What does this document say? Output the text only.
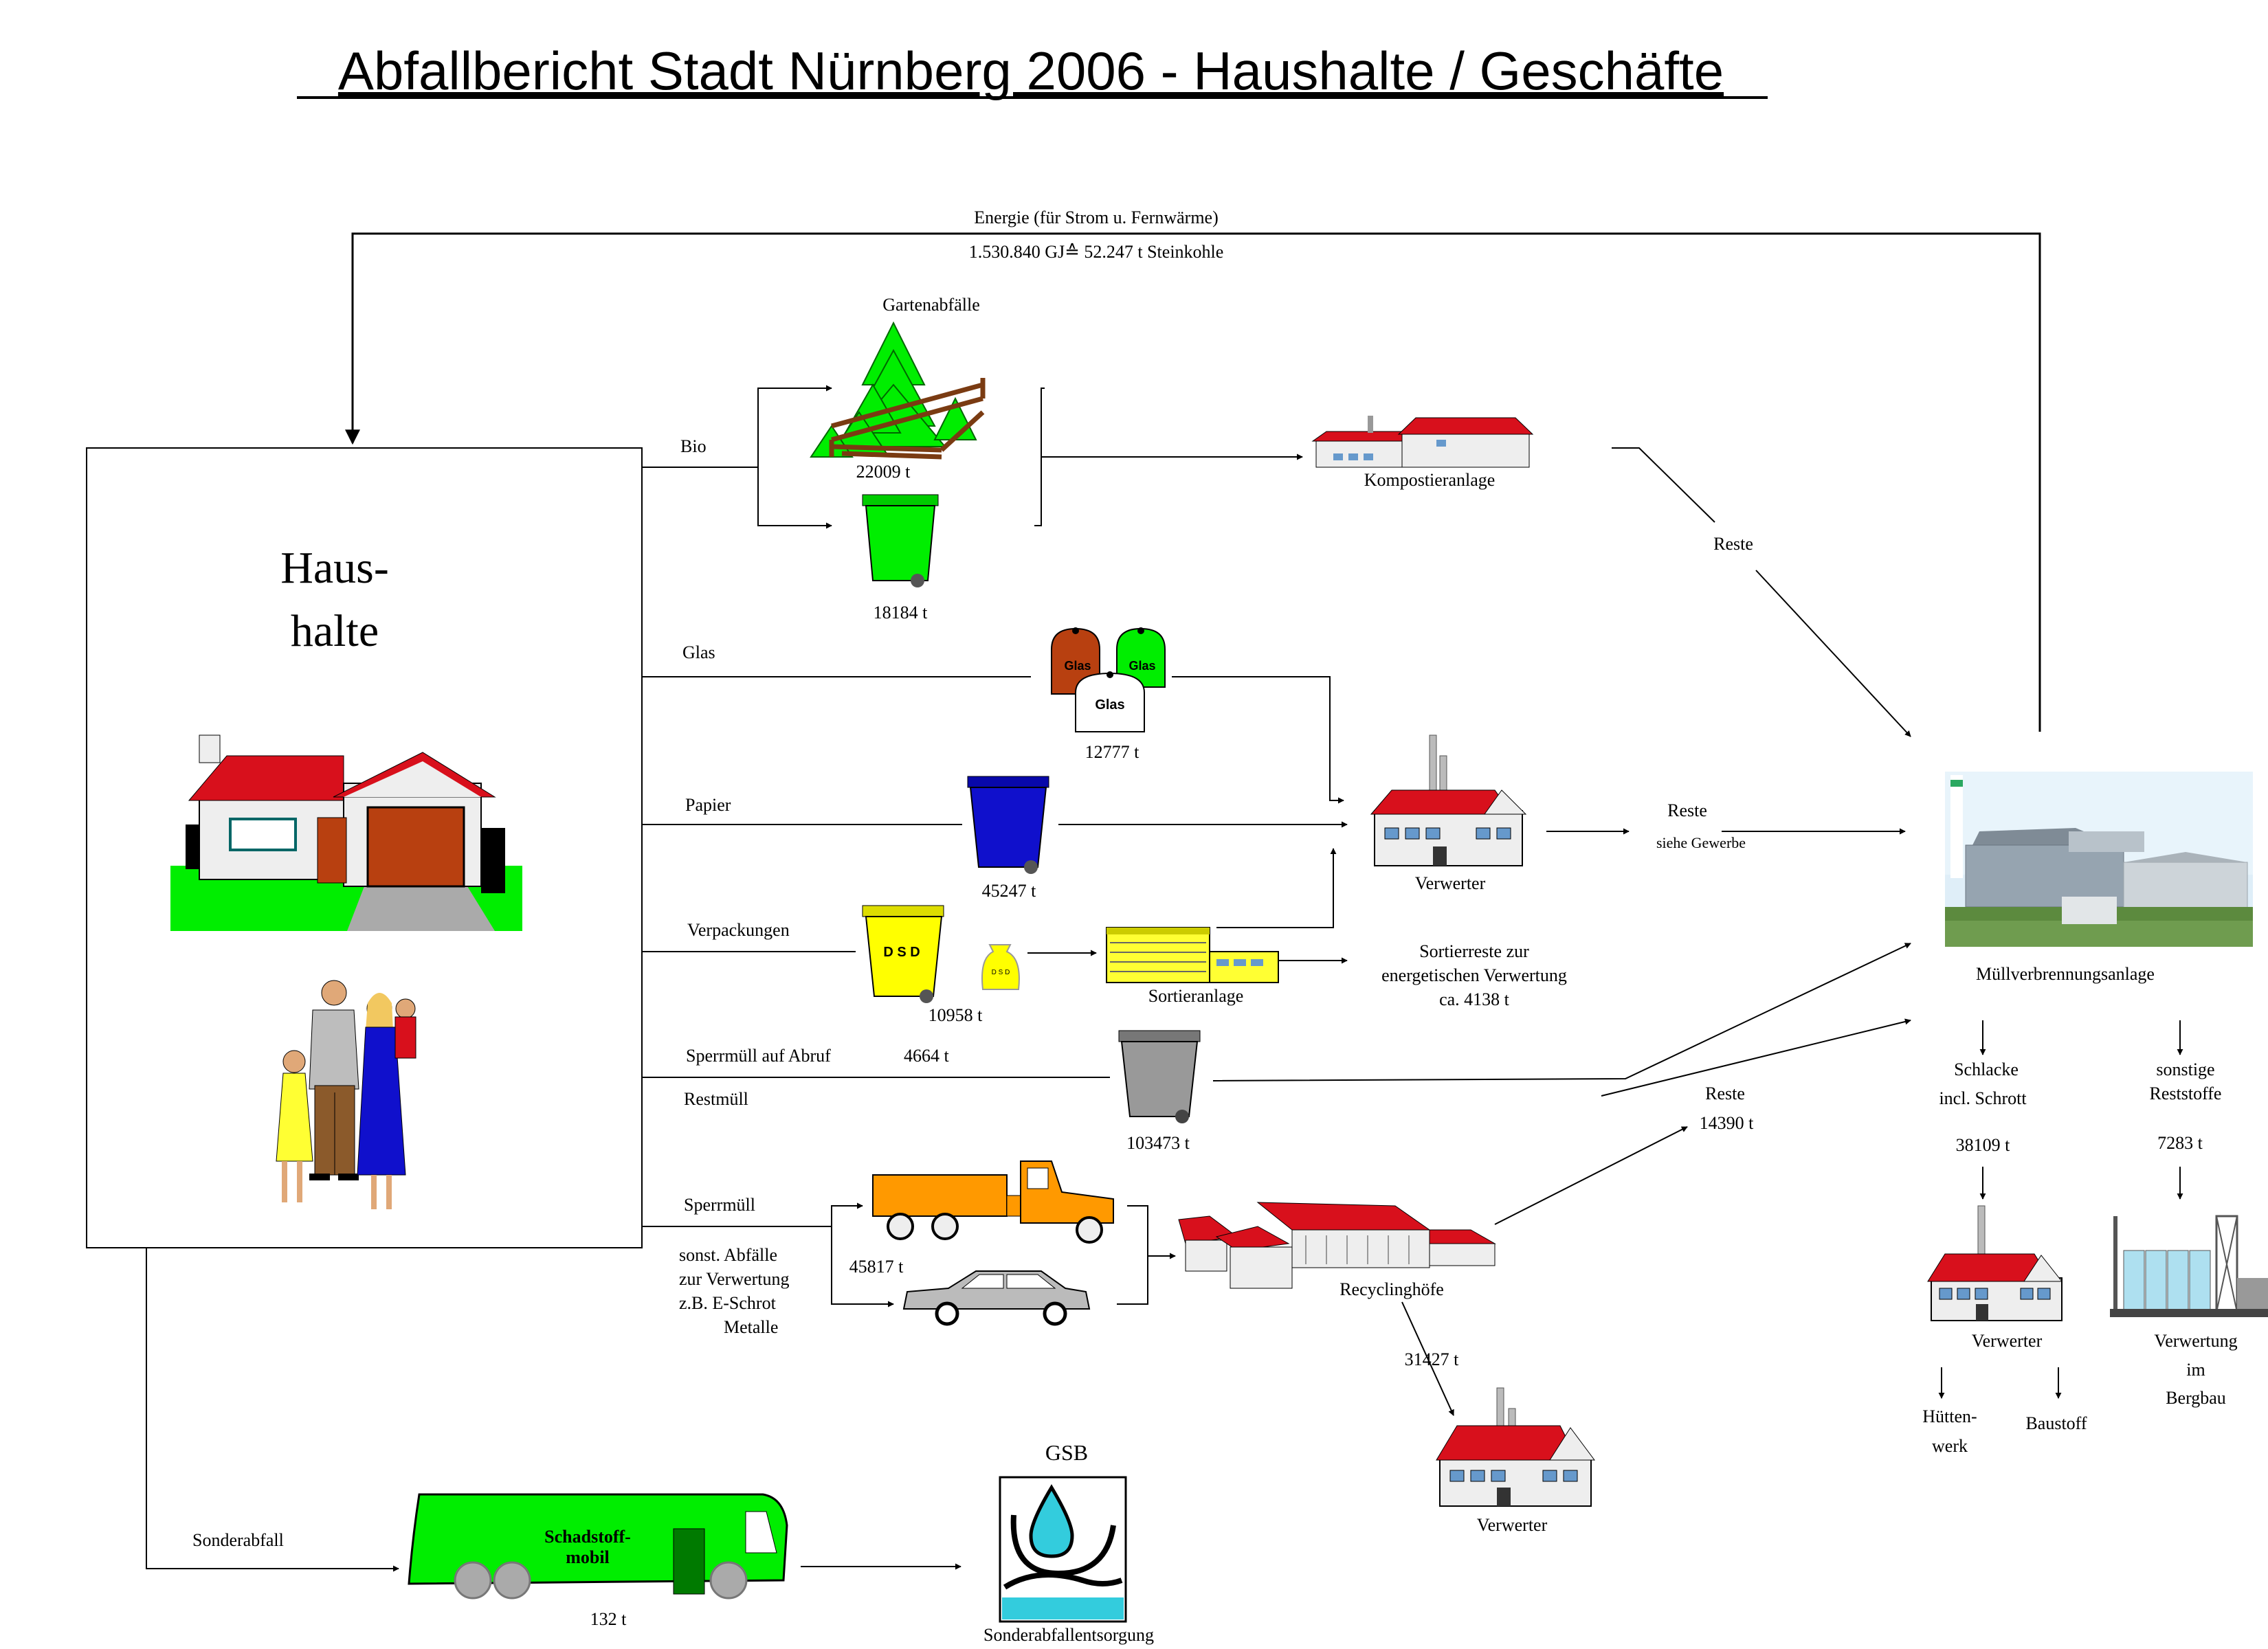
Abfallbericht Stadt Nürnberg 2006 - Haushalte / Geschäfte
Energie (für Strom u. Fernwärme)
1.530.840 GJ≙ 52.247 t Steinkohle
Haus-
halte
Bio
Glas
Papier
Verpackungen
Sperrmüll auf Abruf	4664 t
Restmüll
Sperrmüll
sonst. Abfälle
zur Verwertung
z.B. E-Schrot
Metalle
Sonderabfall
Gartenabfälle
22009 t
18184 t
Kompostieranlage
Reste
Glas	Glas
Glas
12777 t
45247 t	Verwerter
Reste
siehe Gewerbe
D S D
D S D
10958 t
Sortieranlage
Sortierreste zur
energetischen Verwertung
ca. 4138 t
103473 t
45817 t
Recyclinghöfe
Reste
14390 t
31427 t
Verwerter
Müllverbrennungsanlage
Schlacke
incl. Schrott
38109 t
sonstige
Reststoffe
7283 t
Verwerter
Hütten-
werk
Baustoff
Verwertung
im
Bergbau
Schadstoff-
mobil
132 t
GSB
Sonderabfallentsorgung
